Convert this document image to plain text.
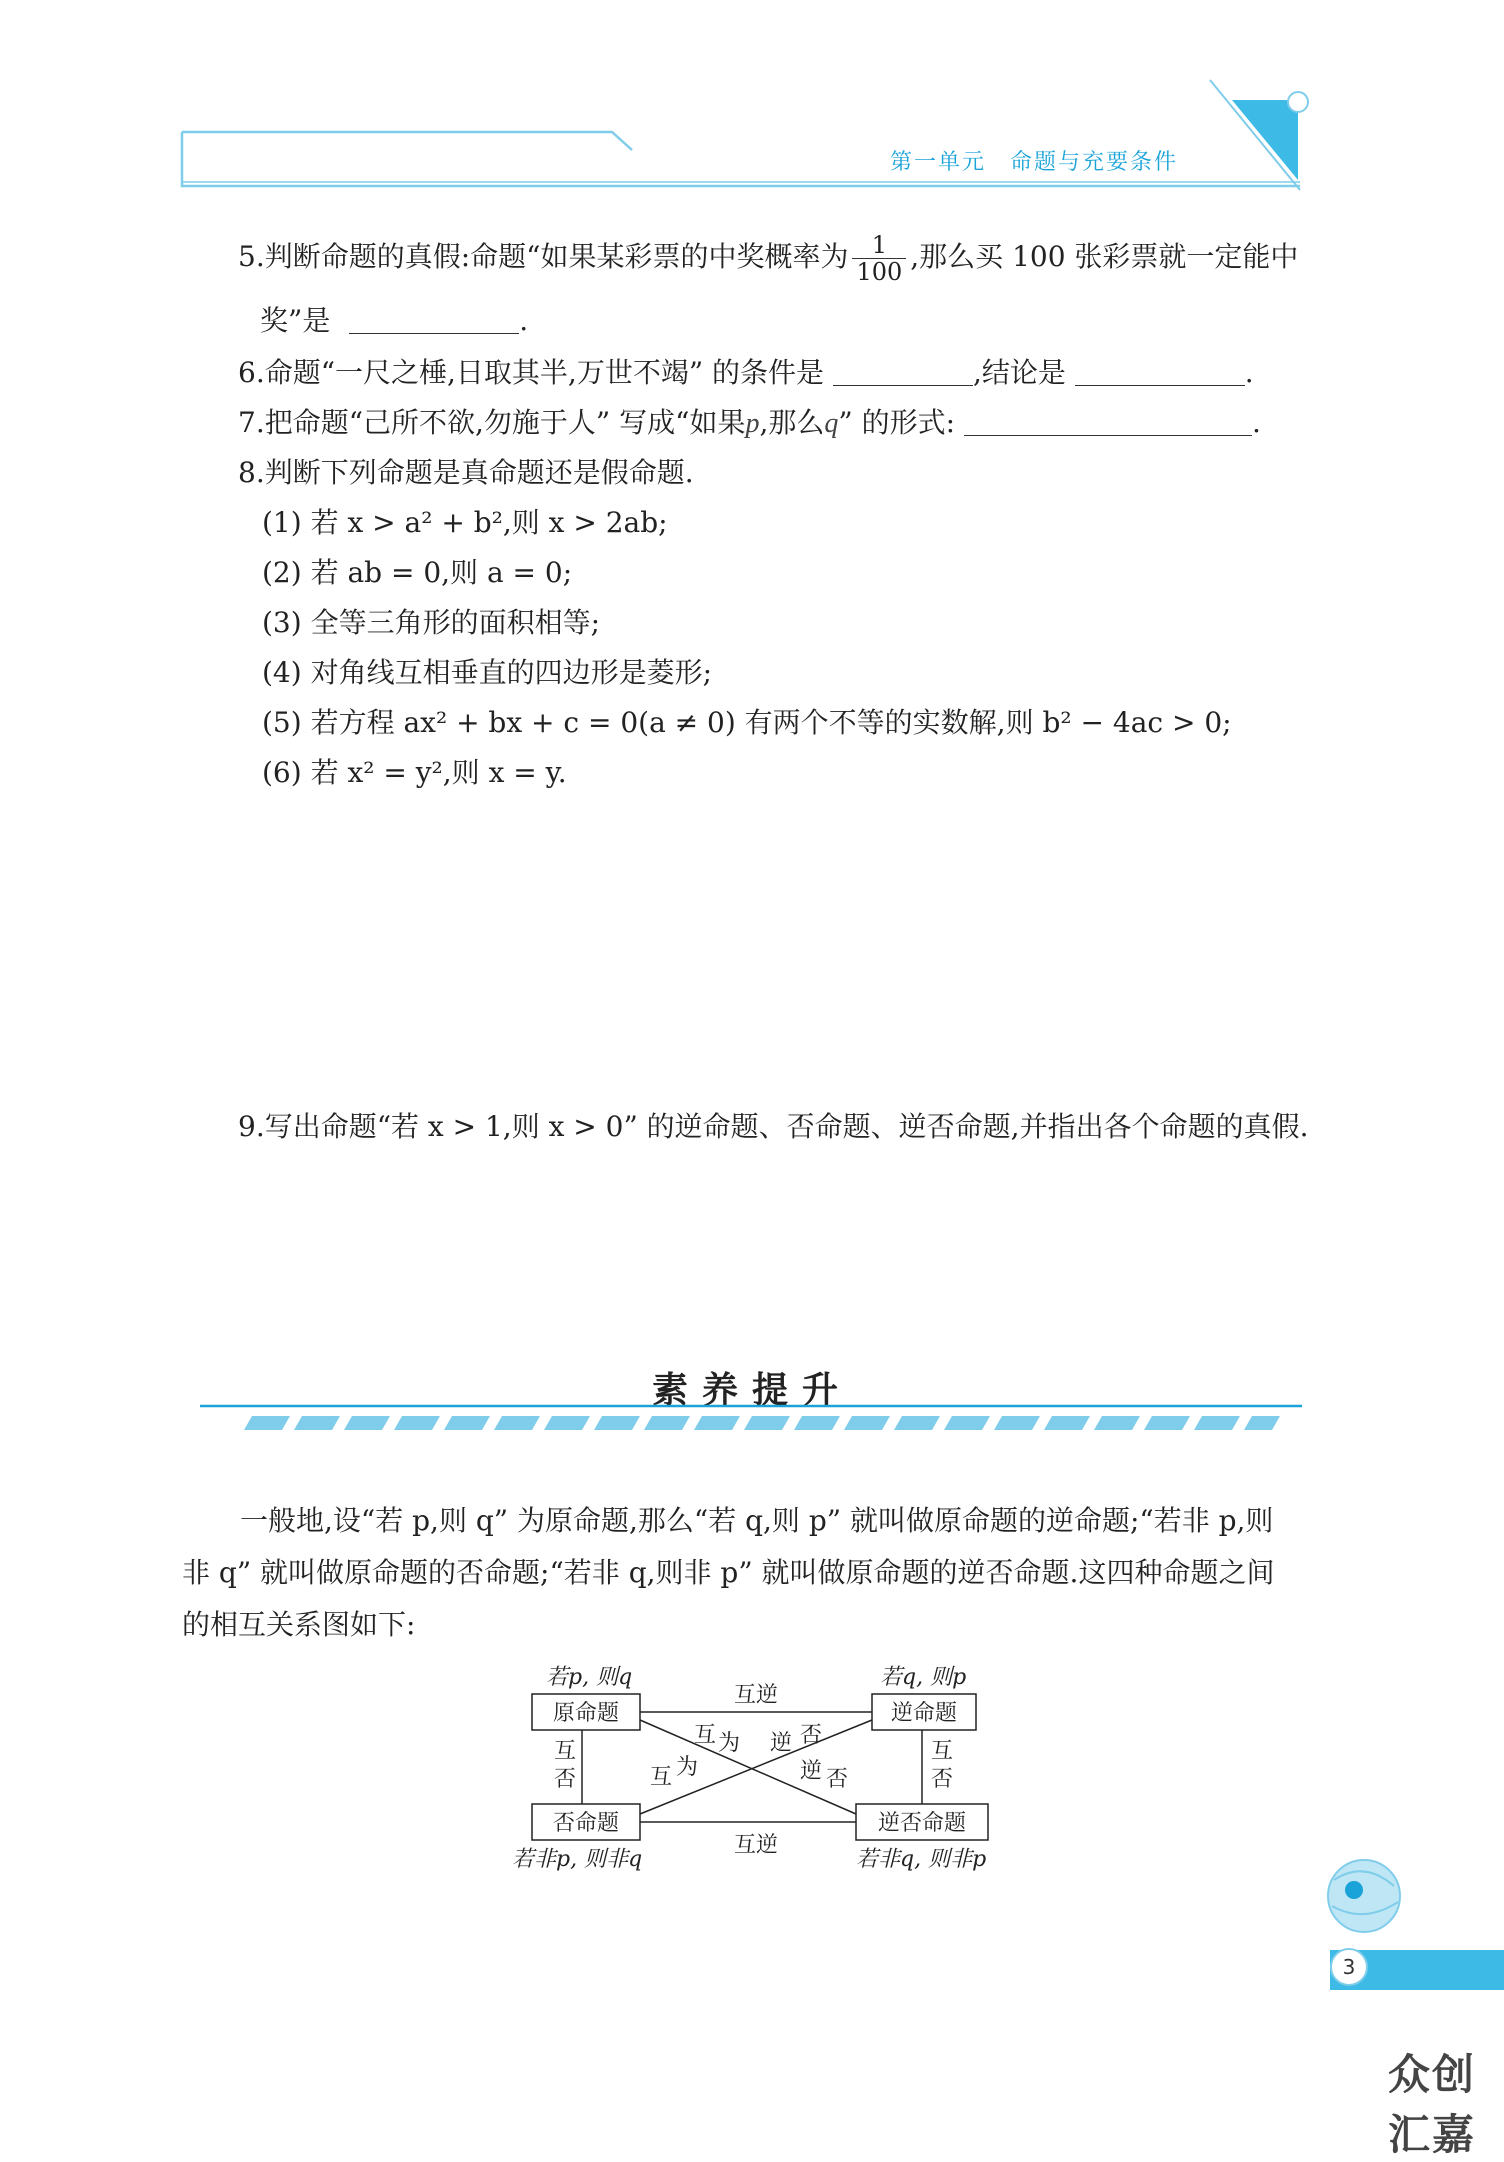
第一单元　命题与充要条件
5.判断命题的真假:命题“如果某彩票的中奖概率为 $\frac{1}{100}$ ,那么买 100 张彩票就一定能中
奖”是	.
6.命题“一尺之棰,日取其半,万世不竭” 的条件是	,结论是	.
7.把命题“己所不欲,勿施于人” 写成“如果p,那么q” 的形式:	.
8.判断下列命题是真命题还是假命题.
(1) 若 x > a² + b²,则 x > 2ab;
(2) 若 ab = 0,则 a = 0;
(3) 全等三角形的面积相等;
(4) 对角线互相垂直的四边形是菱形;
(5) 若方程 ax² + bx + c = 0(a ≠ 0) 有两个不等的实数解,则 b² − 4ac > 0;
(6) 若 x² = y²,则 x = y.
9.写出命题“若 x > 1,则 x > 0” 的逆命题、否命题、逆否命题,并指出各个命题的真假.
素养提升
一般地,设“若 p,则 q” 为原命题,那么“若 q,则 p” 就叫做原命题的逆命题;“若非 p,则
非 q” 就叫做原命题的否命题;“若非 q,则非 p” 就叫做原命题的逆否命题.这四种命题之间
的相互关系图如下:
原命题	逆命题
否命题	逆否命题
若p, 则q	若q, 则p
若非p, 则非q	若非q, 则非p
互逆
互逆
互
否
互
否
互 为 逆 否
互 为	逆 否
3
众创汇嘉
